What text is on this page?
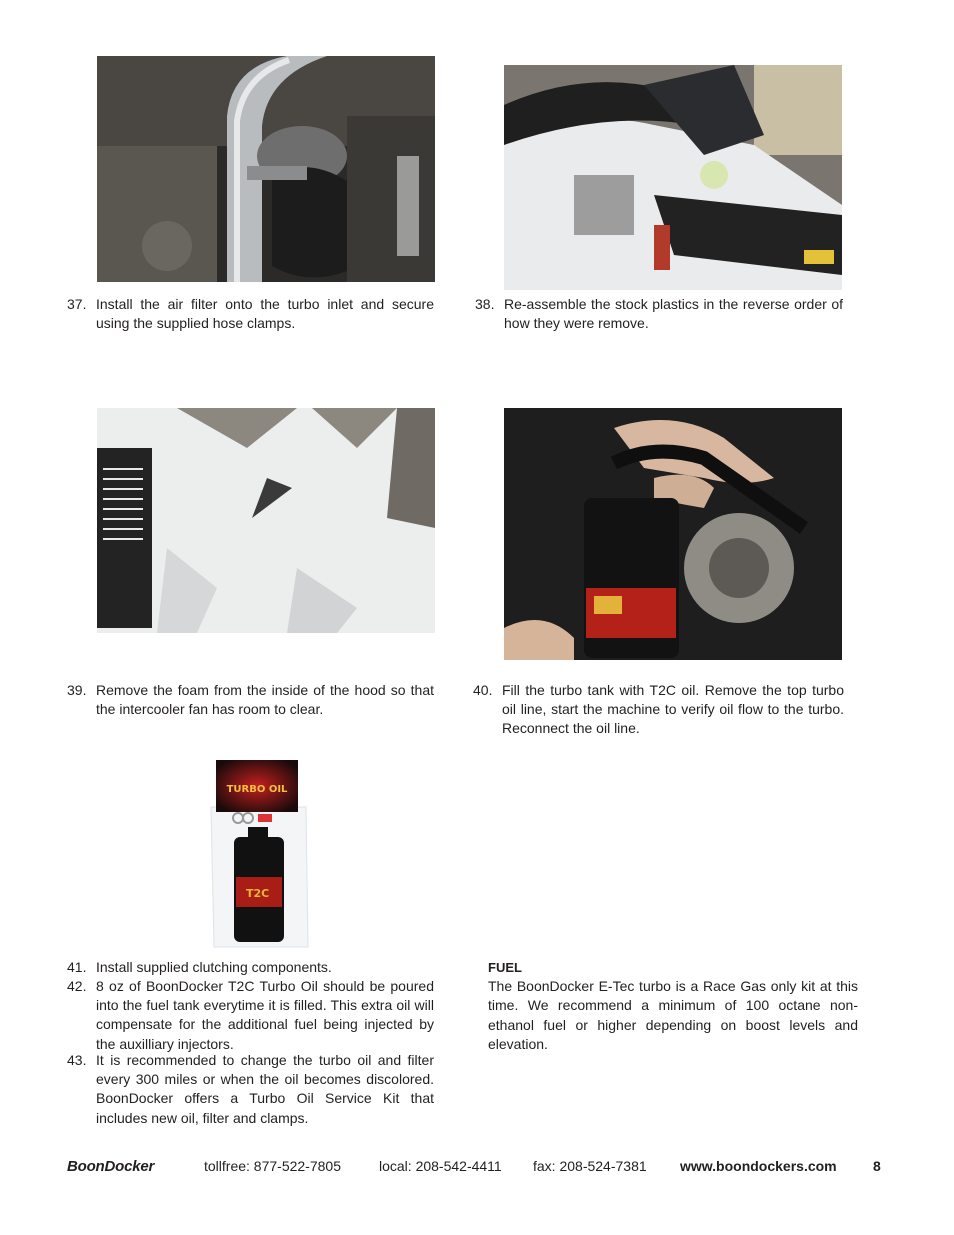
37. Install the air filter onto the turbo inlet and secure using the supplied hose clamps.
38. Re-assemble the stock plastics in the reverse order of how they were remove.
39. Remove the foam from the inside of the hood so that the intercooler fan has room to clear.
40. Fill the turbo tank with T2C oil. Remove the top turbo oil line, start the machine to verify oil flow to the turbo. Reconnect the oil line.
TURBO OIL
T2C
41. Install supplied clutching components.
42. 8 oz of BoonDocker T2C Turbo Oil should be poured into the fuel tank everytime it is filled. This extra oil will compensate for the additional fuel being injected by the auxilliary injectors.
43. It is recommended to change the turbo oil and filter every 300 miles or when the oil becomes discolored. BoonDocker offers a Turbo Oil Service Kit that includes new oil, filter and clamps.
FUEL
The BoonDocker E-Tec turbo is a Race Gas only kit at this time. We recommend a minimum of 100 octane non-ethanol fuel or higher depending on boost levels and elevation.
BoonDocker	tollfree: 877-522-7805	local: 208-542-4411 fax: 208-524-7381 www.boondockers.com	8
